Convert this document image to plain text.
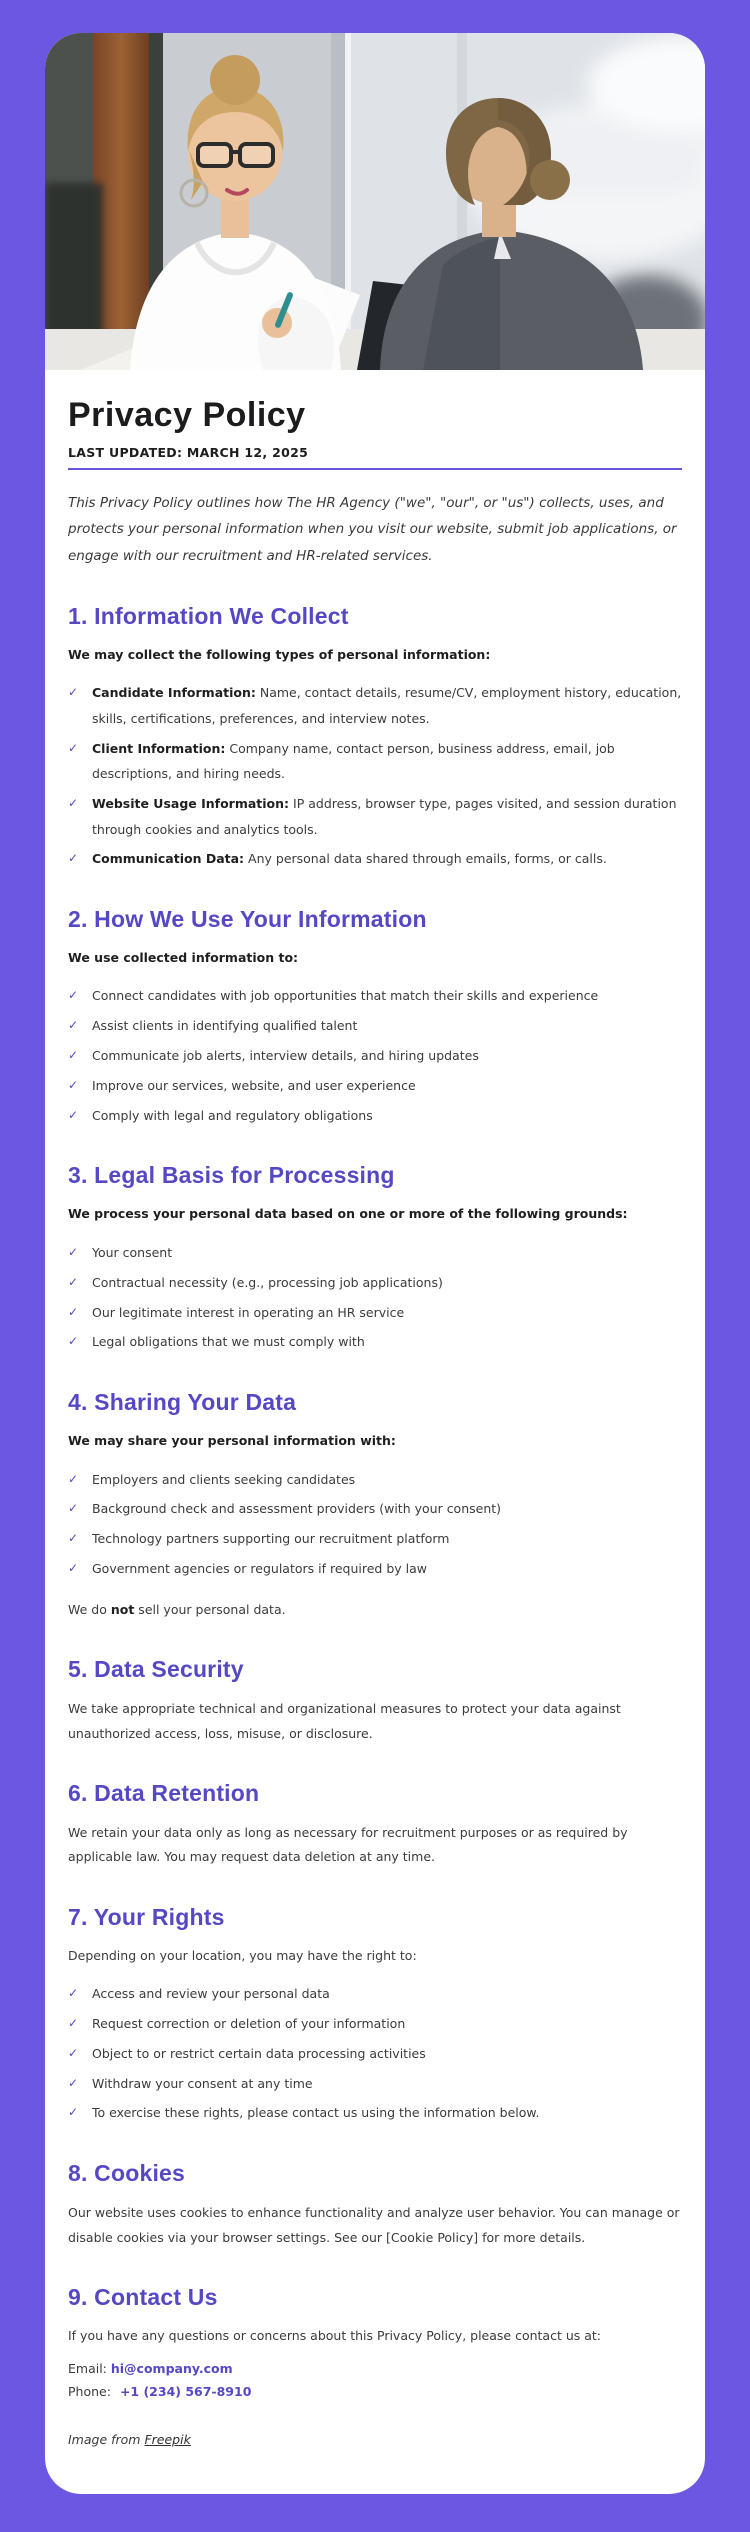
Privacy Policy

LAST UPDATED: MARCH 12, 2025

This Privacy Policy outlines how The HR Agency ("we", "our", or "us") collects, uses, and protects your personal information when you visit our website, submit job applications, or engage with our recruitment and HR-related services.

1. Information We Collect

We may collect the following types of personal information:

✓	Candidate Information: Name, contact details, resume/CV, employment history, education, skills, certifications, preferences, and interview notes.
✓	Client Information: Company name, contact person, business address, email, job descriptions, and hiring needs.
✓	Website Usage Information: IP address, browser type, pages visited, and session duration through cookies and analytics tools.
✓	Communication Data: Any personal data shared through emails, forms, or calls.
2. How We Use Your Information

We use collected information to:

✓	Connect candidates with job opportunities that match their skills and experience
✓	Assist clients in identifying qualified talent
✓	Communicate job alerts, interview details, and hiring updates
✓	Improve our services, website, and user experience
✓	Comply with legal and regulatory obligations
3. Legal Basis for Processing

We process your personal data based on one or more of the following grounds:

✓	Your consent
✓	Contractual necessity (e.g., processing job applications)
✓	Our legitimate interest in operating an HR service
✓	Legal obligations that we must comply with
4. Sharing Your Data

We may share your personal information with:

✓	Employers and clients seeking candidates
✓	Background check and assessment providers (with your consent)
✓	Technology partners supporting our recruitment platform
✓	Government agencies or regulators if required by law

We do not sell your personal data.

5. Data Security

We take appropriate technical and organizational measures to protect your data against unauthorized access, loss, misuse, or disclosure.

6. Data Retention

We retain your data only as long as necessary for recruitment purposes or as required by applicable law. You may request data deletion at any time.

7. Your Rights

Depending on your location, you may have the right to:

✓	Access and review your personal data
✓	Request correction or deletion of your information
✓	Object to or restrict certain data processing activities
✓	Withdraw your consent at any time
✓	To exercise these rights, please contact us using the information below.
8. Cookies

Our website uses cookies to enhance functionality and analyze user behavior. You can manage or disable cookies via your browser settings. See our [Cookie Policy] for more details.

9. Contact Us

If you have any questions or concerns about this Privacy Policy, please contact us at:

Email: hi@company.com

Phone: +1 (234) 567-8910

Image from Freepik
